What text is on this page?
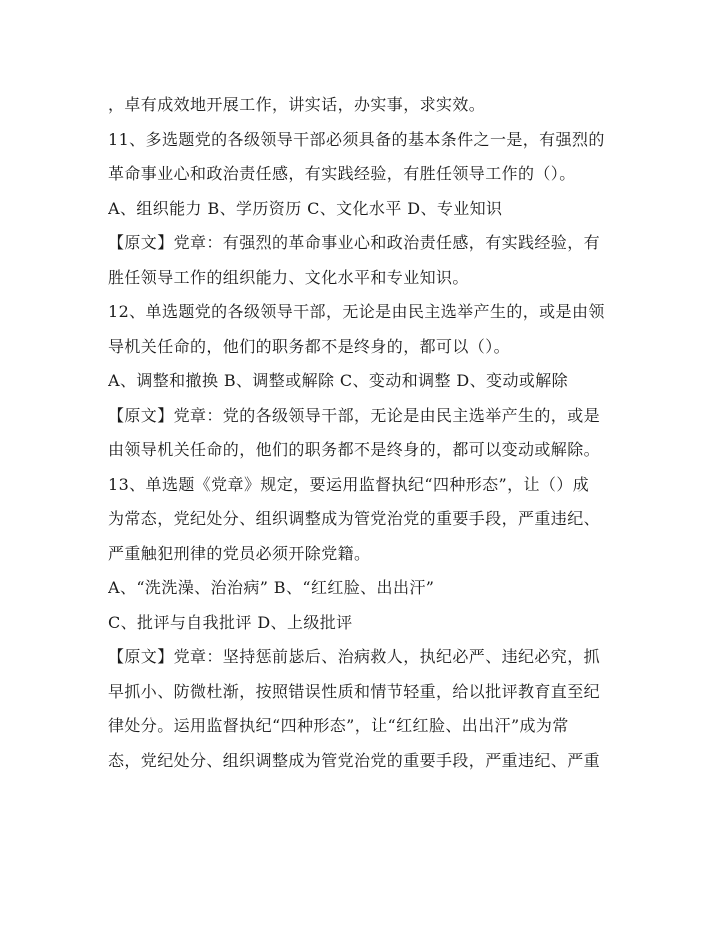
，卓有成效地开展工作，讲实话，办实事，求实效。
11、多选题党的各级领导干部必须具备的基本条件之一是，有强烈的
革命事业心和政治责任感，有实践经验，有胜任领导工作的（）。
A、组织能力 B、学历资历 C、文化水平 D、专业知识
【原文】党章：有强烈的革命事业心和政治责任感，有实践经验，有
胜任领导工作的组织能力、文化水平和专业知识。
12、单选题党的各级领导干部，无论是由民主选举产生的，或是由领
导机关任命的，他们的职务都不是终身的，都可以（）。
A、调整和撤换 B、调整或解除 C、变动和调整 D、变动或解除
【原文】党章：党的各级领导干部，无论是由民主选举产生的，或是
由领导机关任命的，他们的职务都不是终身的，都可以变动或解除。
13、单选题《党章》规定，要运用监督执纪“四种形态”，让（）成
为常态，党纪处分、组织调整成为管党治党的重要手段，严重违纪、
严重触犯刑律的党员必须开除党籍。
A、“洗洗澡、治治病” B、“红红脸、出出汗”
C、批评与自我批评 D、上级批评
【原文】党章：坚持惩前毖后、治病救人，执纪必严、违纪必究，抓
早抓小、防微杜渐，按照错误性质和情节轻重，给以批评教育直至纪
律处分。运用监督执纪“四种形态”，让“红红脸、出出汗”成为常
态，党纪处分、组织调整成为管党治党的重要手段，严重违纪、严重
